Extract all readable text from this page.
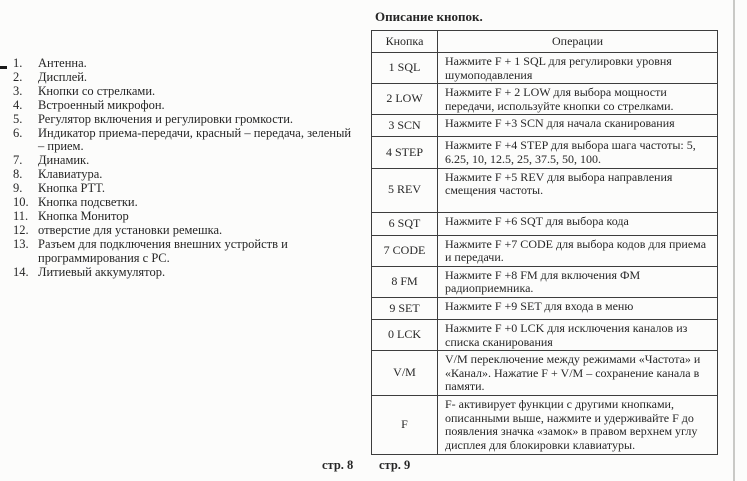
1.	Антенна.
2.	Дисплей.
3.	Кнопки со стрелками.
4.	Встроенный микрофон.
5.	Регулятор включения и регулировки громкости.
6.	Индикатор приема-передачи, красный – передача, зеленый – прием.
7.	Динамик.
8.	Клавиатура.
9.	Кнопка PTT.
10. Кнопка подсветки.
11. Кнопка Монитор
12. отверстие для установки ремешка.
13. Разъем для подключения внешних устройств и программирования с PC.
14. Литиевый аккумулятор.
Описание кнопок.
Кнопка	Операции
1 SQL	Нажмите F + 1 SQL для регулировки уровня шумоподавления
2 LOW	Нажмите F + 2 LOW для выбора мощности передачи, используйте кнопки со стрелками.
3 SCN	Нажмите F +3 SCN для начала сканирования
4 STEP	Нажмите F +4 STEP для выбора шага частоты: 5, 6.25, 10, 12.5, 25, 37.5, 50, 100.
5 REV	Нажмите F +5 REV для выбора направления смещения частоты.
6 SQT	Нажмите F +6 SQT для выбора кода
7 CODE	Нажмите F +7 CODE для выбора кодов для приема и передачи.
8 FM	Нажмите F +8 FM для включения ФМ радиоприемника.
9 SET	Нажмите F +9 SET для входа в меню
0 LCK	Нажмите F +0 LCK для исключения каналов из списка сканирования
V/M	V/M переключение между режимами «Частота» и «Канал». Нажатие F + V/M – сохранение канала в памяти.
F	F- активирует функции с другими кнопками, описанными выше, нажмите и удерживайте F до появления значка «замок» в правом верхнем углу дисплея для блокировки клавиатуры.
стр. 8 стр. 9
